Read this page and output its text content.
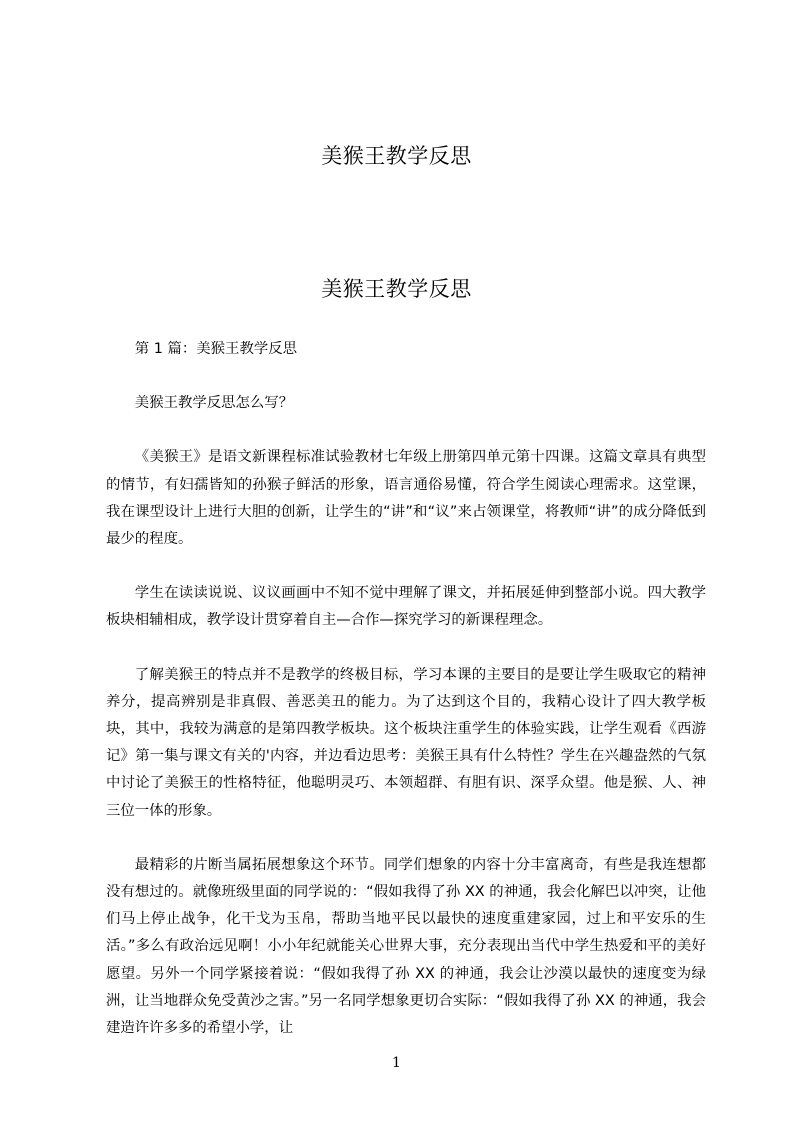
美猴王教学反思
美猴王教学反思

第 1 篇：美猴王教学反思

美猴王教学反思怎么写？

《美猴王》是语文新课程标准试验教材七年级上册第四单元第十四课。这篇文章具有典型的情节，有妇孺皆知的孙猴子鲜活的形象，语言通俗易懂，符合学生阅读心理需求。这堂课，我在课型设计上进行大胆的创新，让学生的“讲”和“议”来占领课堂，将教师“讲”的成分降低到最少的程度。

学生在读读说说、议议画画中不知不觉中理解了课文，并拓展延伸到整部小说。四大教学板块相辅相成，教学设计贯穿着自主—合作—探究学习的新课程理念。

了解美猴王的特点并不是教学的终极目标，学习本课的主要目的是要让学生吸取它的精神养分，提高辨别是非真假、善恶美丑的能力。为了达到这个目的，我精心设计了四大教学板块，其中，我较为满意的是第四教学板块。这个板块注重学生的体验实践，让学生观看《西游记》第一集与课文有关的'内容，并边看边思考：美猴王具有什么特性？学生在兴趣盎然的气氛中讨论了美猴王的性格特征，他聪明灵巧、本领超群、有胆有识、深孚众望。他是猴、人、神三位一体的形象。

最精彩的片断当属拓展想象这个环节。同学们想象的内容十分丰富离奇，有些是我连想都没有想过的。就像班级里面的同学说的：“假如我得了孙 XX 的神通，我会化解巴以冲突，让他们马上停止战争，化干戈为玉帛，帮助当地平民以最快的速度重建家园，过上和平安乐的生活。”多么有政治远见啊！小小年纪就能关心世界大事，充分表现出当代中学生热爱和平的美好愿望。另外一个同学紧接着说：“假如我得了孙 XX 的神通，我会让沙漠以最快的速度变为绿洲，让当地群众免受黄沙之害。”另一名同学想象更切合实际：“假如我得了孙 XX 的神通，我会建造许许多多的希望小学，让

1
